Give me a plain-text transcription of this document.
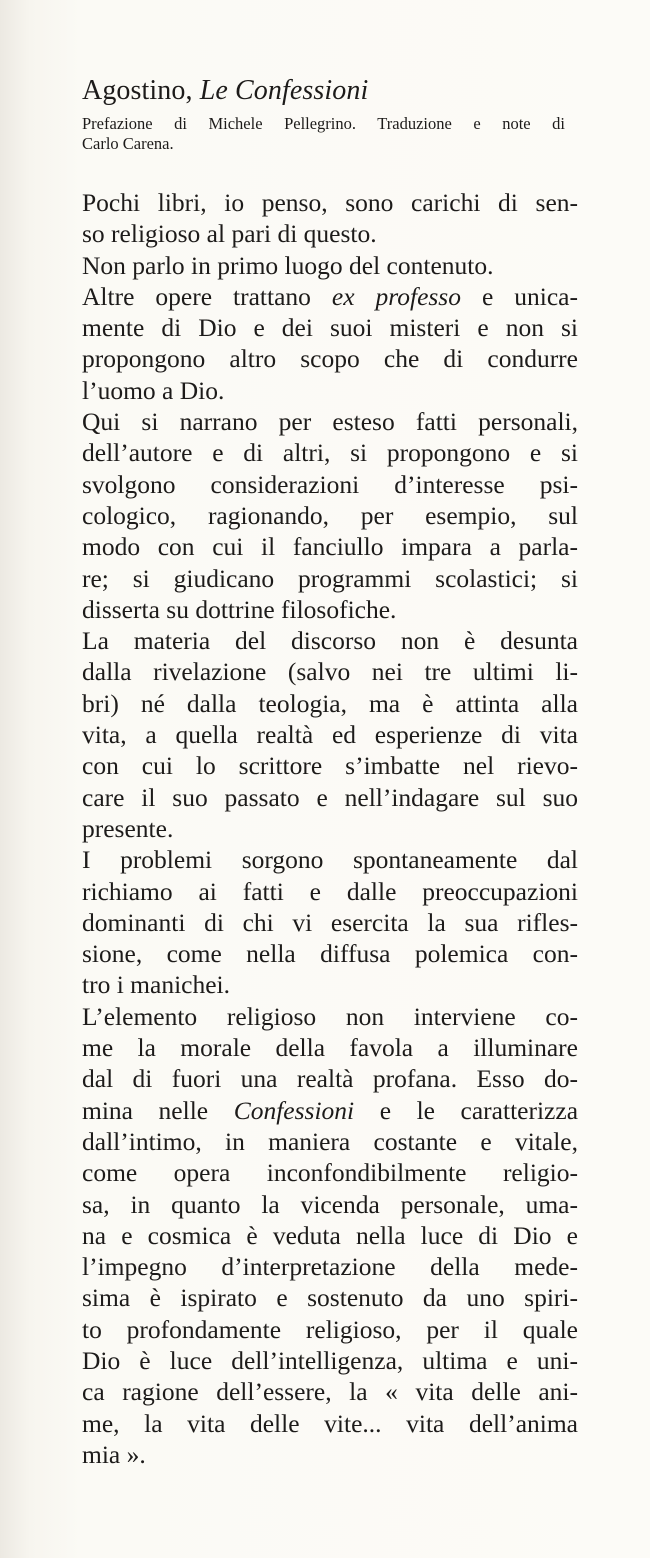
Agostino, Le Confessioni
Prefazione di Michele Pellegrino. Traduzione e note di
Carlo Carena.
Pochi libri, io penso, sono carichi di sen-
so religioso al pari di questo.
Non parlo in primo luogo del contenuto.
Altre opere trattano ex professo e unica-
mente di Dio e dei suoi misteri e non si
propongono altro scopo che di condurre
l’uomo a Dio.
Qui si narrano per esteso fatti personali,
dell’autore e di altri, si propongono e si
svolgono considerazioni d’interesse psi-
cologico, ragionando, per esempio, sul
modo con cui il fanciullo impara a parla-
re; si giudicano programmi scolastici; si
disserta su dottrine filosofiche.
La materia del discorso non è desunta
dalla rivelazione (salvo nei tre ultimi li-
bri) né dalla teologia, ma è attinta alla
vita, a quella realtà ed esperienze di vita
con cui lo scrittore s’imbatte nel rievo-
care il suo passato e nell’indagare sul suo
presente.
I problemi sorgono spontaneamente dal
richiamo ai fatti e dalle preoccupazioni
dominanti di chi vi esercita la sua rifles-
sione, come nella diffusa polemica con-
tro i manichei.
L’elemento religioso non interviene co-
me la morale della favola a illuminare
dal di fuori una realtà profana. Esso do-
mina nelle Confessioni e le caratterizza
dall’intimo, in maniera costante e vitale,
come opera inconfondibilmente religio-
sa, in quanto la vicenda personale, uma-
na e cosmica è veduta nella luce di Dio e
l’impegno d’interpretazione della mede-
sima è ispirato e sostenuto da uno spiri-
to profondamente religioso, per il quale
Dio è luce dell’intelligenza, ultima e uni-
ca ragione dell’essere, la « vita delle ani-
me, la vita delle vite... vita dell’anima
mia ».
